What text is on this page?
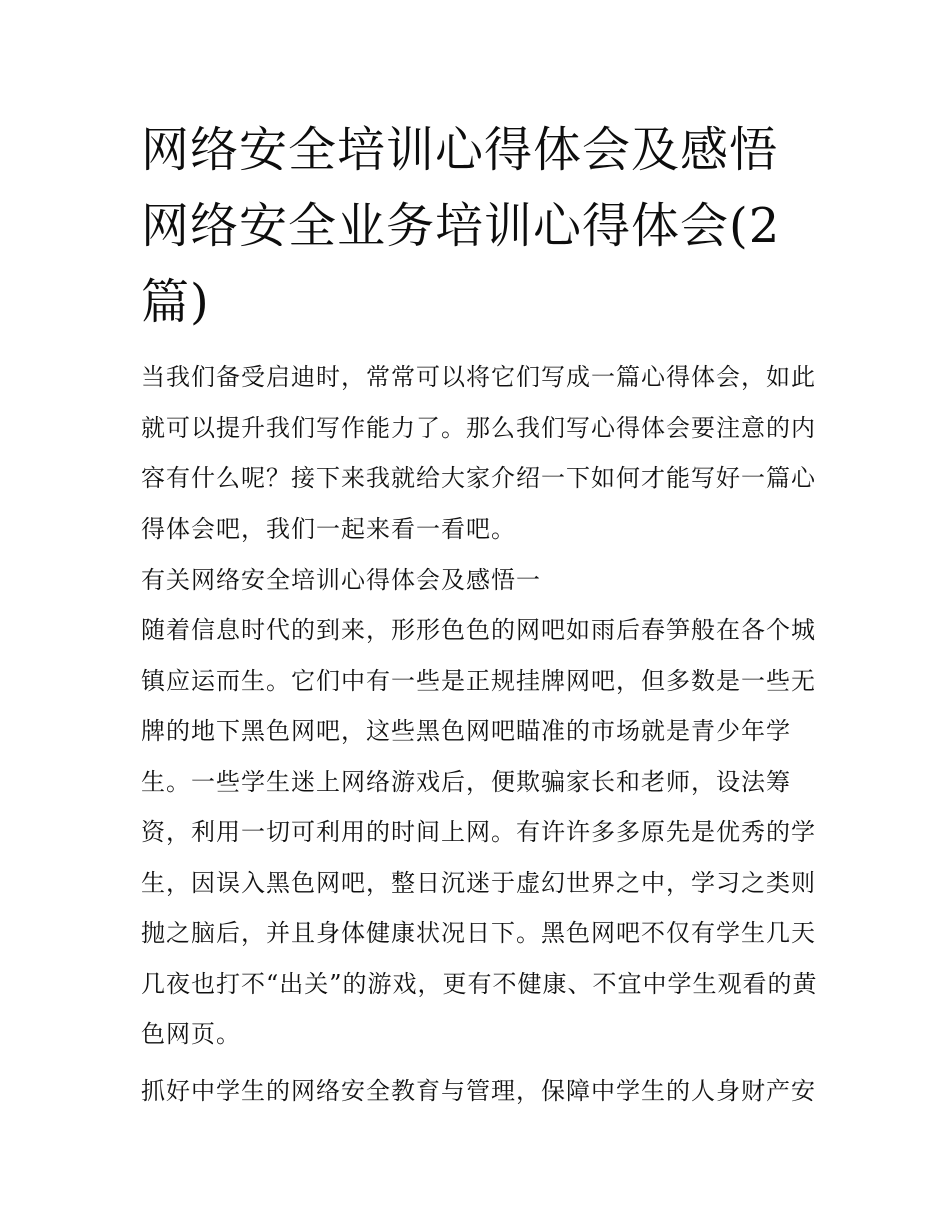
网络安全培训心得体会及感悟网络安全业务培训心得体会(2篇)

当我们备受启迪时，常常可以将它们写成一篇心得体会，如此就可以提升我们写作能力了。那么我们写心得体会要注意的内容有什么呢？接下来我就给大家介绍一下如何才能写好一篇心得体会吧，我们一起来看一看吧。

有关网络安全培训心得体会及感悟一

随着信息时代的到来，形形色色的网吧如雨后春笋般在各个城镇应运而生。它们中有一些是正规挂牌网吧，但多数是一些无牌的地下黑色网吧，这些黑色网吧瞄准的市场就是青少年学生。一些学生迷上网络游戏后，便欺骗家长和老师，设法筹资，利用一切可利用的时间上网。有许许多多原先是优秀的学生，因误入黑色网吧，整日沉迷于虚幻世界之中，学习之类则抛之脑后，并且身体健康状况日下。黑色网吧不仅有学生几天几夜也打不“出关”的游戏，更有不健康、不宜中学生观看的黄色网页。

抓好中学生的网络安全教育与管理，保障中学生的人身财产安
